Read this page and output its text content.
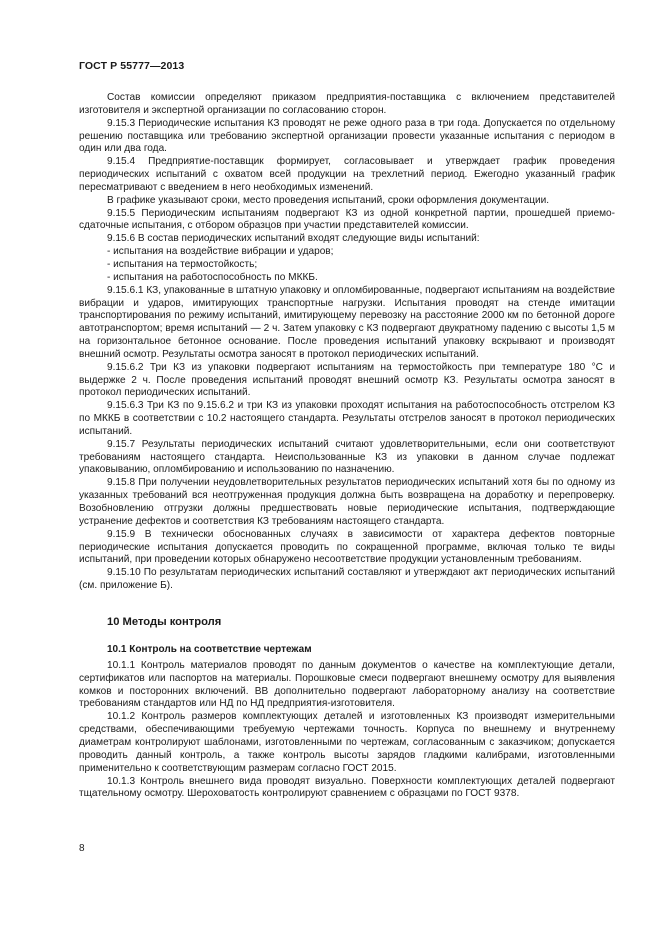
ГОСТ Р 55777—2013

Состав комиссии определяют приказом предприятия-поставщика с включением представителей изготовителя и экспертной организации по согласованию сторон.

9.15.3 Периодические испытания КЗ проводят не реже одного раза в три года. Допускается по отдельному решению поставщика или требованию экспертной организации провести указанные испытания с периодом в один или два года.

9.15.4 Предприятие-поставщик формирует, согласовывает и утверждает график проведения периодических испытаний с охватом всей продукции на трехлетний период. Ежегодно указанный график пересматривают с введением в него необходимых изменений.

В графике указывают сроки, место проведения испытаний, сроки оформления документации.

9.15.5 Периодическим испытаниям подвергают КЗ из одной конкретной партии, прошедшей приемо-сдаточные испытания, с отбором образцов при участии представителей комиссии.

9.15.6 В состав периодических испытаний входят следующие виды испытаний:

- испытания на воздействие вибрации и ударов;

- испытания на термостойкость;

- испытания на работоспособность по МККБ.

9.15.6.1 КЗ, упакованные в штатную упаковку и опломбированные, подвергают испытаниям на воздействие вибрации и ударов, имитирующих транспортные нагрузки. Испытания проводят на стенде имитации транспортирования по режиму испытаний, имитирующему перевозку на расстояние 2000 км по бетонной дороге автотранспортом; время испытаний — 2 ч. Затем упаковку с КЗ подвергают двукратному падению с высоты 1,5 м на горизонтальное бетонное основание. После проведения испытаний упаковку вскрывают и производят внешний осмотр. Результаты осмотра заносят в протокол периодических испытаний.

9.15.6.2 Три КЗ из упаковки подвергают испытаниям на термостойкость при температуре 180 °С и выдержке 2 ч. После проведения испытаний проводят внешний осмотр КЗ. Результаты осмотра заносят в протокол периодических испытаний.

9.15.6.3 Три КЗ по 9.15.6.2 и три КЗ из упаковки проходят испытания на работоспособность отстрелом КЗ по МККБ в соответствии с 10.2 настоящего стандарта. Результаты отстрелов заносят в протокол периодических испытаний.

9.15.7 Результаты периодических испытаний считают удовлетворительными, если они соответствуют требованиям настоящего стандарта. Неиспользованные КЗ из упаковки в данном случае подлежат упаковыванию, опломбированию и использованию по назначению.

9.15.8 При получении неудовлетворительных результатов периодических испытаний хотя бы по одному из указанных требований вся неотгруженная продукция должна быть возвращена на доработку и перепроверку. Возобновлению отгрузки должны предшествовать новые периодические испытания, подтверждающие устранение дефектов и соответствия КЗ требованиям настоящего стандарта.

9.15.9 В технически обоснованных случаях в зависимости от характера дефектов повторные периодические испытания допускается проводить по сокращенной программе, включая только те виды испытаний, при проведении которых обнаружено несоответствие продукции установленным требованиям.

9.15.10 По результатам периодических испытаний составляют и утверждают акт периодических испытаний (см. приложение Б).

10 Методы контроля
10.1 Контроль на соответствие чертежам

10.1.1 Контроль материалов проводят по данным документов о качестве на комплектующие детали, сертификатов или паспортов на материалы. Порошковые смеси подвергают внешнему осмотру для выявления комков и посторонних включений. ВВ дополнительно подвергают лабораторному анализу на соответствие требованиям стандартов или НД по НД предприятия-изготовителя.

10.1.2 Контроль размеров комплектующих деталей и изготовленных КЗ производят измерительными средствами, обеспечивающими требуемую чертежами точность. Корпуса по внешнему и внутреннему диаметрам контролируют шаблонами, изготовленными по чертежам, согласованным с заказчиком; допускается проводить данный контроль, а также контроль высоты зарядов гладкими калибрами, изготовленными применительно к соответствующим размерам согласно ГОСТ 2015.

10.1.3 Контроль внешнего вида проводят визуально. Поверхности комплектующих деталей подвергают тщательному осмотру. Шероховатость контролируют сравнением с образцами по ГОСТ 9378.

8
